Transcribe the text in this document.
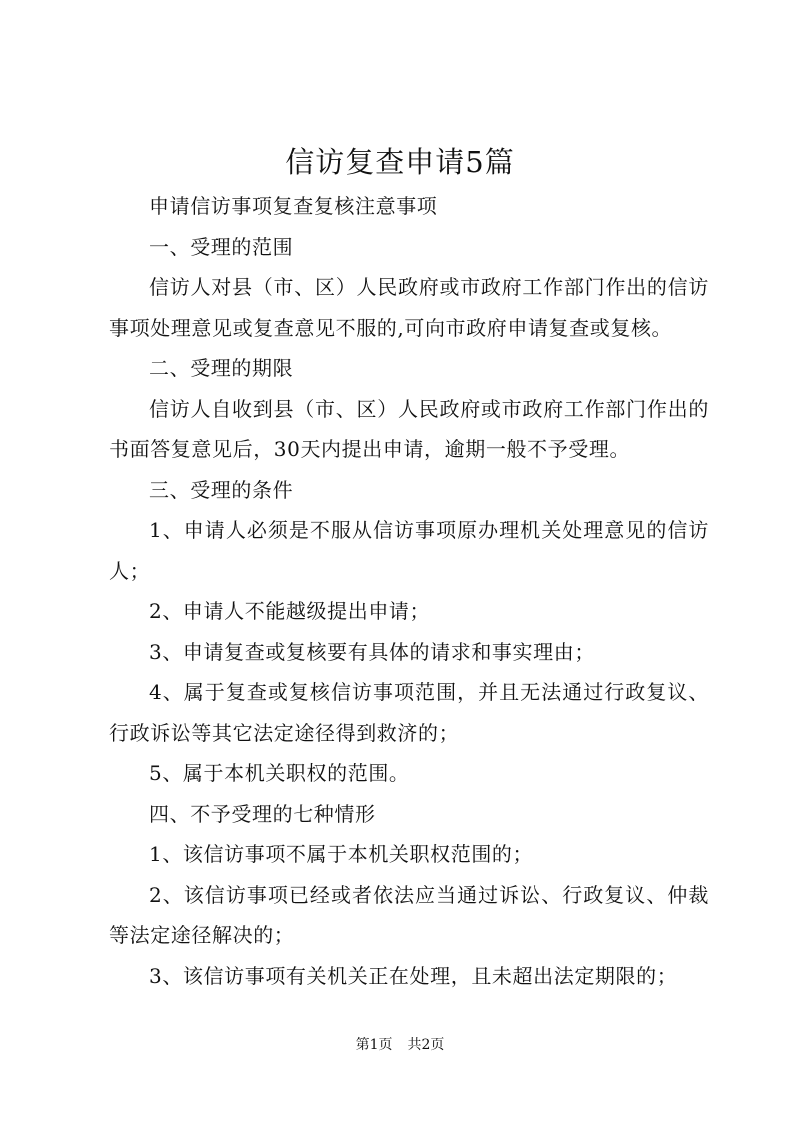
信访复查申请5篇

申请信访事项复查复核注意事项

一、受理的范围

信访人对县（市、区）人民政府或市政府工作部门作出的信访事项处理意见或复查意见不服的,可向市政府申请复查或复核。

二、受理的期限

信访人自收到县（市、区）人民政府或市政府工作部门作出的书面答复意见后，30天内提出申请，逾期一般不予受理。

三、受理的条件

1、申请人必须是不服从信访事项原办理机关处理意见的信访人；

2、申请人不能越级提出申请；

3、申请复查或复核要有具体的请求和事实理由；

4、属于复查或复核信访事项范围，并且无法通过行政复议、行政诉讼等其它法定途径得到救济的；

5、属于本机关职权的范围。

四、不予受理的七种情形

1、该信访事项不属于本机关职权范围的；

2、该信访事项已经或者依法应当通过诉讼、行政复议、仲裁等法定途径解决的；

3、该信访事项有关机关正在处理，且未超出法定期限的；

第1页 共2页
